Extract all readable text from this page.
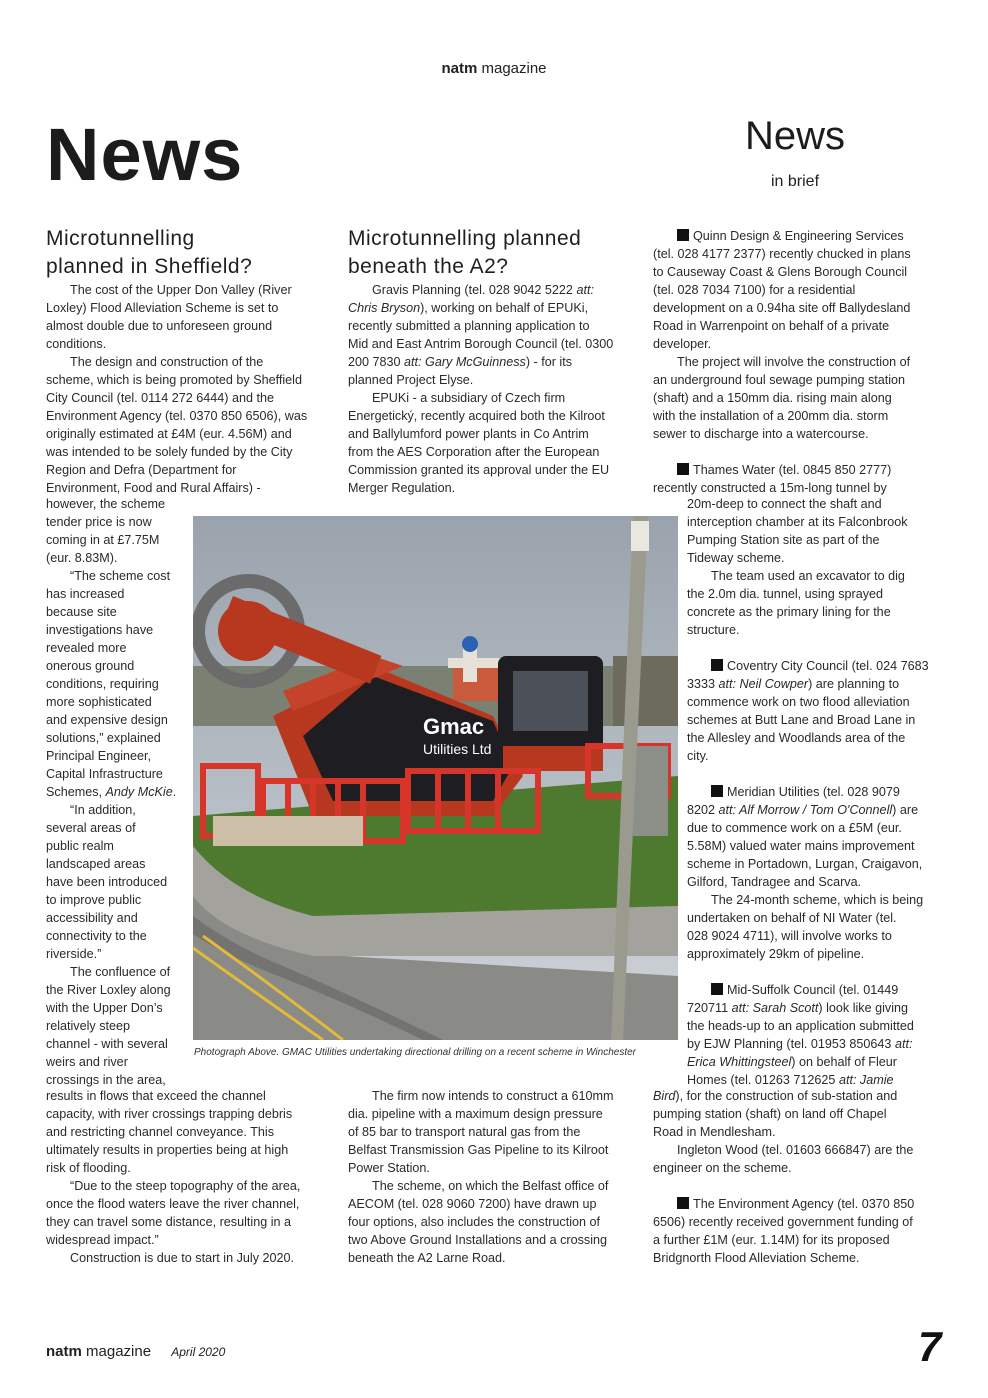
natm magazine
News	News
in brief
Microtunnelling
planned in Sheffield?

The cost of the Upper Don Valley (River

Loxley) Flood Alleviation Scheme is set to
almost double due to unforeseen ground
conditions.

The design and construction of the

scheme, which is being promoted by Sheffield
City Council (tel. 0114 272 6444) and the
Environment Agency (tel. 0370 850 6506), was
originally estimated at £4M (eur. 4.56M) and
was intended to be solely funded by the City
Region and Defra (Department for
Environment, Food and Rural Affairs) -
however, the scheme
tender price is now
coming in at £7.75M
(eur. 8.83M).

“The scheme cost

has increased
because site
investigations have
revealed more
onerous ground
conditions, requiring
more sophisticated
and expensive design
solutions,” explained
Principal Engineer,
Capital Infrastructure
Schemes, Andy McKie.

“In addition,

several areas of
public realm
landscaped areas
have been introduced
to improve public
accessibility and
connectivity to the
riverside.”

The confluence of

the River Loxley along
with the Upper Don’s
relatively steep
channel - with several
weirs and river
crossings in the area,
results in flows that exceed the channel
capacity, with river crossings trapping debris
and restricting channel conveyance. This
ultimately results in properties being at high
risk of flooding.

“Due to the steep topography of the area,

once the flood waters leave the river channel,
they can travel some distance, resulting in a
widespread impact.”

Construction is due to start in July 2020.

Microtunnelling planned
beneath the A2?

Gravis Planning (tel. 028 9042 5222 att:

Chris Bryson), working on behalf of EPUKi,
recently submitted a planning application to
Mid and East Antrim Borough Council (tel. 0300
200 7830 att: Gary McGuinness) - for its
planned Project Elyse.

EPUKi - a subsidiary of Czech firm

Energetický, recently acquired both the Kilroot
and Ballylumford power plants in Co Antrim
from the AES Corporation after the European
Commission granted its approval under the EU
Merger Regulation.

The firm now intends to construct a 610mm

dia. pipeline with a maximum design pressure
of 85 bar to transport natural gas from the
Belfast Transmission Gas Pipeline to its Kilroot
Power Station.

The scheme, on which the Belfast office of

AECOM (tel. 028 9060 7200) have drawn up
four options, also includes the construction of
two Above Ground Installations and a crossing
beneath the A2 Larne Road.

Quinn Design & Engineering Services

(tel. 028 4177 2377) recently chucked in plans
to Causeway Coast & Glens Borough Council
(tel. 028 7034 7100) for a residential
development on a 0.94ha site off Ballydesland
Road in Warrenpoint on behalf of a private
developer.

The project will involve the construction of

an underground foul sewage pumping station
(shaft) and a 150mm dia. rising main along
with the installation of a 200mm dia. storm
sewer to discharge into a watercourse.

Thames Water (tel. 0845 850 2777)

recently constructed a 15m-long tunnel by
20m-deep to connect the shaft and
interception chamber at its Falconbrook
Pumping Station site as part of the
Tideway scheme.

The team used an excavator to dig

the 2.0m dia. tunnel, using sprayed
concrete as the primary lining for the
structure.

Coventry City Council (tel. 024 7683

3333 att: Neil Cowper) are planning to
commence work on two flood alleviation
schemes at Butt Lane and Broad Lane in
the Allesley and Woodlands area of the
city.

Meridian Utilities (tel. 028 9079

8202 att: Alf Morrow / Tom O'Connell) are
due to commence work on a £5M (eur.
5.58M) valued water mains improvement
scheme in Portadown, Lurgan, Craigavon,
Gilford, Tandragee and Scarva.

The 24-month scheme, which is being

undertaken on behalf of NI Water (tel.
028 9024 4711), will involve works to
approximately 29km of pipeline.

Mid-Suffolk Council (tel. 01449

720711 att: Sarah Scott) look like giving
the heads-up to an application submitted
by EJW Planning (tel. 01953 850643 att:
Erica Whittingsteel) on behalf of Fleur
Homes (tel. 01263 712625 att: Jamie
Bird), for the construction of sub-station and
pumping station (shaft) on land off Chapel
Road in Mendlesham.

Ingleton Wood (tel. 01603 666847) are the

engineer on the scheme.

The Environment Agency (tel. 0370 850

6506) recently received government funding of
a further £1M (eur. 1.14M) for its proposed
Bridgnorth Flood Alleviation Scheme.
Gmac
Utilities Ltd
Photograph Above. GMAC Utilities undertaking directional drilling on a recent scheme in Winchester
natm magazine April 2020	7
